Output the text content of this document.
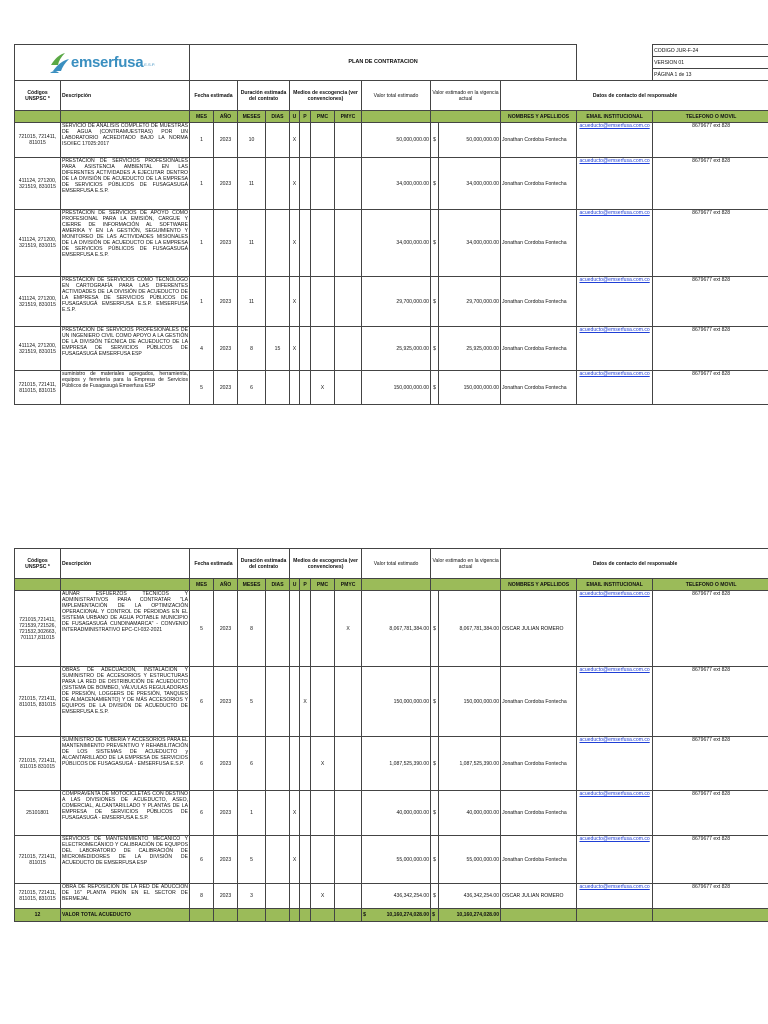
emserfusa E.S.P.		PLAN DE CONTRATACION													CODIGO JUR-F-24
															VERSION 01
															PÁGINA 1 de 13
Códigos UNSPSC *	Descripción	Fecha estimada		Duración estimada del contrato		Medios de escogencia (ver convenciones)				Valor total estimado	Valor estimado en la vigencia actual		Datos de contacto del responsable		
		MES	AÑO	MESES	DIAS	U	P	PMC	PMYC				NOMBRES Y APELLIDOS	EMAIL INSTITUCIONAL	TELEFONO O MOVIL
721015, 721411, 811015	SERVICIO DE ANÁLISIS COMPLETO DE MUESTRAS DE AGUA (CONTRAMUESTRAS) POR UN LABORATORIO ACREDITADO BAJO LA NORMA ISO/IEC 17025:2017	1	2023	10		X				50,000,000.00	$	50,000,000.00	Jonathan Cordoba Fontecha	acueducto@emserfusa.com.co	8679677 ext 828
411124, 271200, 321519, 831015	PRESTACIÓN DE SERVICIOS PROFESIONALES PARA ASISTENCIA AMBIENTAL EN LAS DIFERENTES ACTIVIDADES A EJECUTAR DENTRO DE LA DIVISIÓN DE ACUEDUCTO DE LA EMPRESA DE SERVICIOS PÚBLICOS DE FUSAGASUGÁ EMSERFUSA E.S.P.	1	2023	11		X				34,000,000.00	$	34,000,000.00	Jonathan Cordoba Fontecha	acueducto@emserfusa.com.co	8679677 ext 828
411124, 271200, 321519, 831015	PRESTACIÓN DE SERVICIOS DE APOYO COMO PROFESIONAL PARA LA EMISIÓN, CARGUE Y CIERRE DE INFORMACIÓN AL SOFTWARE AMERIKA Y EN LA GESTIÓN, SEGUIMIENTO Y MONITOREO DE LAS ACTIVIDADES MISIONALES DE LA DIVISIÓN DE ACUEDUCTO DE LA EMPRESA DE SERVICIOS PÚBLICOS DE FUSAGASUGÁ EMSERFUSA E.S.P.	1	2023	11		X				34,000,000.00	$	34,000,000.00	Jonathan Cordoba Fontecha	acueducto@emserfusa.com.co	8679677 ext 828
411124, 271200, 321519, 831015	PRESTACIÓN DE SERVICIOS COMO TECNÓLOGO EN CARTOGRAFÍA PARA LAS DIFERENTES ACTIVIDADES DE LA DIVISIÓN DE ACUEDUCTO DE LA EMPRESA DE SERVICIOS PÚBLICOS DE FUSAGASUGÁ EMSERFUSA E.S.P. EMSERFUSA E.S.P.	1	2023	11		X				29,700,000.00	$	29,700,000.00	Jonathan Cordoba Fontecha	acueducto@emserfusa.com.co	8679677 ext 828
411124, 271200, 321519, 831015	PRESTACIÓN DE SERVICIOS PROFESIONALES DE UN INGENIERO CIVIL COMO APOYO A LA GESTIÓN DE LA DIVISIÓN TÉCNICA DE ACUEDUCTO DE LA EMPRESA DE SERVICIOS PÚBLICOS DE FUSAGASUGÁ EMSERFUSA ESP	4	2023	8	15	X				25,925,000.00	$	25,925,000.00	Jonathan Cordoba Fontecha	acueducto@emserfusa.com.co	8679677 ext 828
721015, 721411, 811015, 831015	suministro de materiales agregados, herramienta, equipos y ferretería para la Empresa de Servicios Públicos de Fusagasugá Emserfusa ESP	5	2023	6				X		150,000,000.00	$	150,000,000.00	Jonathan Cordoba Fontecha	acueducto@emserfusa.com.co	8679677 ext 828
Códigos UNSPSC *	Descripción	Fecha estimada		Duración estimada del contrato		Medios de escogencia (ver convenciones)				Valor total estimado	Valor estimado en la vigencia actual		Datos de contacto del responsable		
		MES	AÑO	MESES	DIAS	U	P	PMC	PMYC				NOMBRES Y APELLIDOS	EMAIL INSTITUCIONAL	TELEFONO O MOVIL
721015,721411, 721539,721526, 721532,302663, 701117,811015	AUNAR ESFUERZOS TÉCNICOS Y ADMINISTRATIVOS PARA CONTRATAR "LA IMPLEMENTACIÓN DE LA OPTIMIZACIÓN OPERACIONAL Y CONTROL DE PÉRDIDAS EN EL SISTEMA URBANO DE AGUA POTABLE MUNICIPIO DE FUSAGASUGÁ CUNDINAMARCA" - CONVENIO INTERADMINISTRATIVO EPC-CI-032-2021	5	2023	8					X	8,067,781,384.00	$	8,067,781,384.00	OSCAR JULIAN ROMERO	acueducto@emserfusa.com.co	8679677 ext 828
721015, 721411, 811015, 831015	OBRAS DE ADECUACIÓN, INSTALACIÓN Y SUMINISTRO DE ACCESORIOS Y ESTRUCTURAS PARA LA RED DE DISTRIBUCIÓN DE ACUEDUCTO (SISTEMA DE BOMBEO, VÁLVULAS REGULADORAS DE PRESIÓN, LOGGERS DE PRESIÓN, TANQUES DE ALMACENAMIENTO) Y DE MÁS ACCESORIOS Y EQUIPOS DE LA DIVISIÓN DE ACUEDUCTO DE EMSERFUSA E.S.P.	6	2023	5			X			150,000,000.00	$	150,000,000.00	Jonathan Cordoba Fontecha	acueducto@emserfusa.com.co	8679677 ext 828
721015, 721411, 811015 831015	SUMINISTRO DE TUBERÍA Y ACCESORIOS PARA EL MANTENIMIENTO PREVENTIVO Y REHABILITACIÓN DE LOS SISTEMAS DE ACUEDUCTO y ALCANTARILLADO DE LA EMPRESA DE SERVICIOS PÚBLICOS DE FUSAGASUGÁ - EMSERFUSA E.S.P.	6	2023	6				X		1,087,525,390.00	$	1,087,525,390.00	Jonathan Cordoba Fontecha	acueducto@emserfusa.com.co	8679677 ext 828
25101801	COMPRAVENTA DE MOTOCICLETAS CON DESTINO A LAS DIVISIONES DE ACUEDUCTO, ASEO, COMERCIAL, ALCANTARILLADO Y PLANTAS DE LA EMPRESA DE SERVICIOS PÚBLICOS DE FUSAGASUGÁ - EMSERFUSA E.S.P.	6	2023	1		X				40,000,000.00	$	40,000,000.00	Jonathan Cordoba Fontecha	acueducto@emserfusa.com.co	8679677 ext 828
721015, 721411, 811015	SERVICIOS DE MANTENIMIENTO MECÁNICO Y ELECTROMECÁNICO Y CALIBRACIÓN DE EQUIPOS DEL LABORATORIO DE CALIBRACIÓN DE MICROMEDIDORES DE LA DIVISIÓN DE ACUEDUCTO DE EMSERFUSA ESP	6	2023	5		X				55,000,000.00	$	55,000,000.00	Jonathan Cordoba Fontecha	acueducto@emserfusa.com.co	8679677 ext 828
721015, 721411, 811015, 831015	OBRA DE REPOSICIÓN DE LA RED DE ADUCCIÓN DE 16" PLANTA PEKÍN EN EL SECTOR DE BERMEJAL	8	2023	3				X		436,342,254.00	$	436,342,254.00	OSCAR JULIAN ROMERO	acueducto@emserfusa.com.co	8679677 ext 828
12	VALOR TOTAL ACUEDUCTO									$ 10,160,274,028.00	$	10,160,274,028.00			
